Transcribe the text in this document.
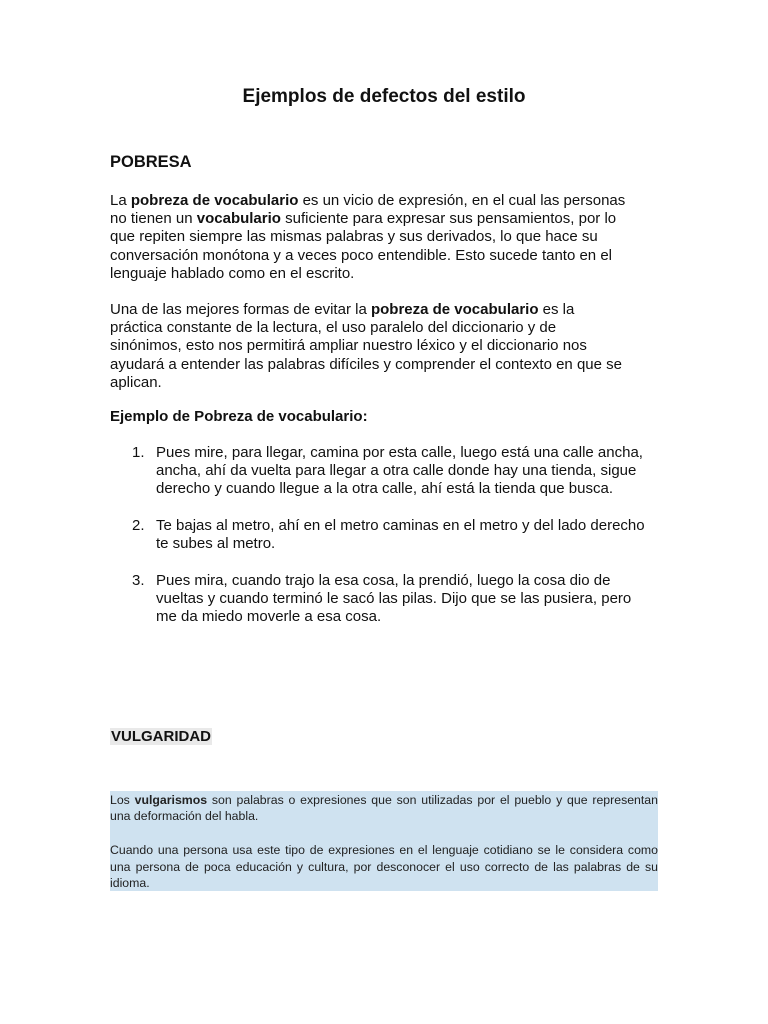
Ejemplos de defectos del estilo
POBRESA

La pobreza de vocabulario es un vicio de expresión, en el cual las personas no tienen un vocabulario suficiente para expresar sus pensamientos, por lo que repiten siempre las mismas palabras y sus derivados, lo que hace su conversación monótona y a veces poco entendible. Esto sucede tanto en el lenguaje hablado como en el escrito.

Una de las mejores formas de evitar la pobreza de vocabulario es la práctica constante de la lectura, el uso paralelo del diccionario y de sinónimos, esto nos permitirá ampliar nuestro léxico y el diccionario nos ayudará a entender las palabras difíciles y comprender el contexto en que se aplican.

Ejemplo de Pobreza de vocabulario:
1. Pues mire, para llegar, camina por esta calle, luego está una calle ancha, ancha, ahí da vuelta para llegar a otra calle donde hay una tienda, sigue derecho y cuando llegue a la otra calle, ahí está la tienda que busca.
2. Te bajas al metro, ahí en el metro caminas en el metro y del lado derecho te subes al metro.
3. Pues mira, cuando trajo la esa cosa, la prendió, luego la cosa dio de vueltas y cuando terminó le sacó las pilas. Dijo que se las pusiera, pero me da miedo moverle a esa cosa.
VULGARIDAD

Los vulgarismos son palabras o expresiones que son utilizadas por el pueblo y que representan una deformación del habla.

Cuando una persona usa este tipo de expresiones en el lenguaje cotidiano se le considera como una persona de poca educación y cultura, por desconocer el uso correcto de las palabras de su idioma.
